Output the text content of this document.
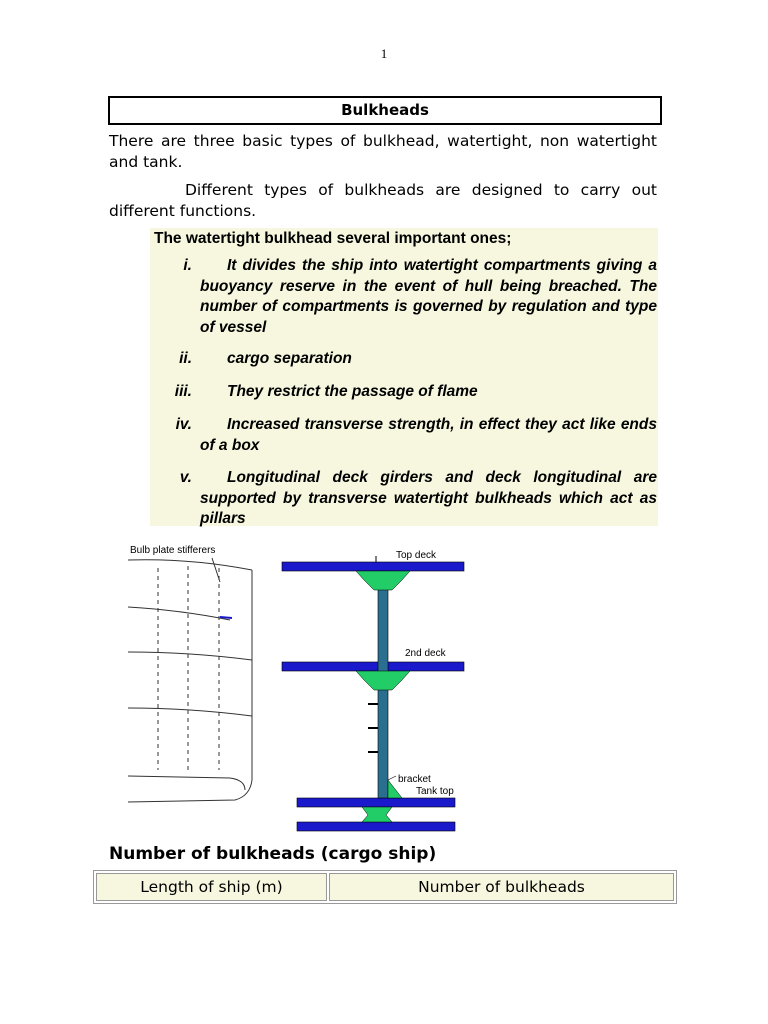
1
Bulkheads
There are three basic types of bulkhead, watertight, non watertight and tank.
Different types of bulkheads are designed to carry out different functions.
The watertight bulkhead several important ones;
i.	It divides the ship into watertight compartments giving a buoyancy reserve in the event of hull being breached. The number of compartments is governed by regulation and type of vessel
ii.	cargo separation
iii.	They restrict the passage of flame
iv.	Increased transverse strength, in effect they act like ends of a box
v.	Longitudinal deck girders and deck longitudinal are supported by transverse watertight bulkheads which act as pillars
Bulb plate stifferers	Top deck
2nd deck
bracket
Tank top
Number of bulkheads (cargo ship)
Length of ship (m)	Number of bulkheads
